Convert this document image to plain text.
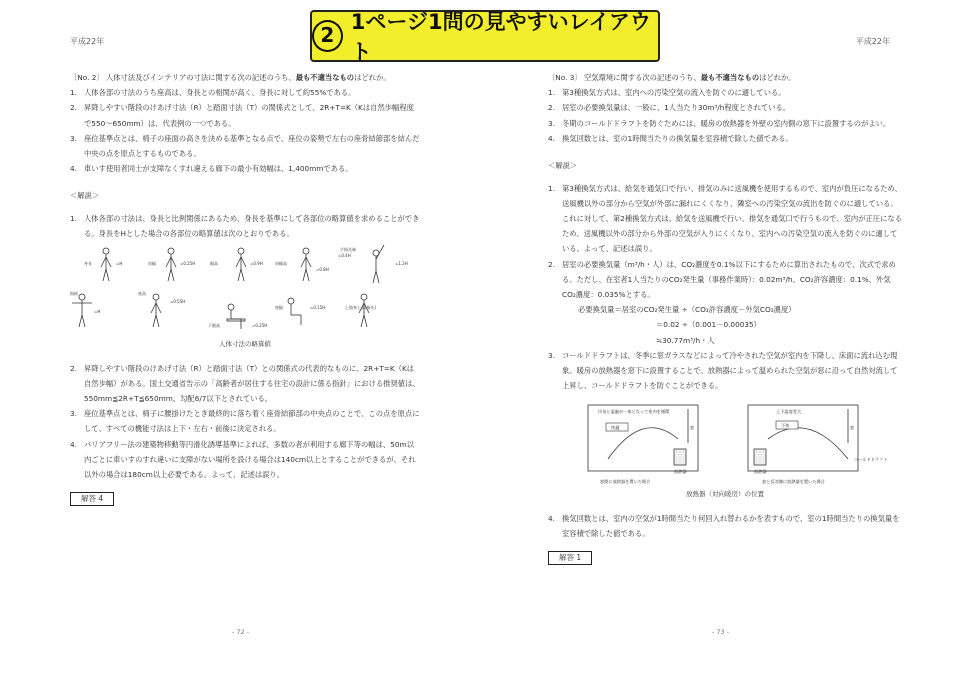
平成22年	平成22年
2
1ページ1問の見やすいレイアウト

〔No. 2〕 人体寸法及びインテリアの寸法に関する次の記述のうち、最も不適当なものはどれか。

1. 人体各部の寸法のうち座高は、身長との相関が高く、身長に対して約55%である。

2. 昇降しやすい階段のけあげ寸法（R）と踏面寸法（T）の関係式として、2R+T=K（Kは自然歩幅程度で550〜650mm）は、代表例の一つである。

3. 座位基準点とは、椅子の座面の高さを決める基準となる点で、座位の姿勢で左右の座骨結節部を結んだ中央の点を原点とするものである。

4. 車いす使用者同士が支障なくすれ違える廊下の最小有効幅は、1,400mmである。

＜解説＞

1. 人体各部の寸法は、身長と比例関係にあるため、身長を基準にして各部位の略算値を求めることができる。身長をHとした場合の各部位の略算値は次のとおりである。

身長	=H	肩幅	=0.25H	眼高	=0.9H	肩峰高
=0.8H
手指先端
=0.4H
=1.2H
指極
=H
座高
=0.55H
下腿高	=0.25H
座幅	=0.15H	上肢挙上高(指先)
人体寸法の略算値

2. 昇降しやすい階段のけあげ寸法（R）と踏面寸法（T）との関係式の代表的なものに、2R+T=K（Kは自然歩幅）がある。国土交通省告示の「高齢者が居住する住宅の設計に係る指針」における推奨値は、550mm≦2R+T≦650mm、勾配6/7以下とされている。

3. 座位基準点とは、椅子に腰掛けたとき最終的に落ち着く座骨結節部の中央点のことで、この点を原点にして、すべての機能寸法は上下・左右・前後に決定される。

4. バリアフリー法の建築物移動等円滑化誘導基準によれば、多数の者が利用する廊下等の幅は、50m以内ごとに車いすのすれ違いに支障がない場所を設ける場合は140cm以上とすることができるが、それ以外の場合は180cm以上必要である。よって、記述は誤り。

解答 4
- 72 -

〔No. 3〕 空気環境に関する次の記述のうち、最も不適当なものはどれか。

1. 第3種換気方式は、室内への汚染空気の流入を防ぐのに適している。

2. 居室の必要換気量は、一般に、1人当たり30m³/h程度とされている。

3. 冬期のコールドドラフトを防ぐためには、暖房の放熱器を外壁の室内側の窓下に設置するのがよい。

4. 換気回数とは、室の1時間当たりの換気量を室容積で除した値である。

＜解説＞

1. 第3種換気方式は、給気を通気口で行い、排気のみに送風機を使用するもので、室内が負圧になるため、送風機以外の部分から空気が外部に漏れにくくなり、隣室への汚染空気の流出を防ぐのに適している。これに対して、第2種換気方式は、給気を送風機で行い、排気を通気口で行うもので、室内が正圧になるため、送風機以外の部分から外部の空気が入りにくくなり、室内への汚染空気の流入を防ぐのに適している。よって、記述は誤り。

2. 居室の必要換気量（m³/h・人）は、CO₂濃度を0.1%以下にするために算出されたもので、次式で求める。ただし、在室者1人当たりのCO₂発生量（事務作業時）：0.02m³/h、CO₂許容濃度：0.1%、外気CO₂濃度：0.035%とする。

必要換気量＝居室のCO₂発生量 ÷（CO₂許容濃度－外気CO₂濃度）

＝0.02 ÷（0.001－0.00035）

≒30.77m³/h・人

3. コールドドラフトは、冬季に窓ガラスなどによって冷やされた空気が室内を下降し、床面に流れ込む現象。暖房の放熱器を窓下に設置することで、放熱器によって温められた空気が窓に沿って自然対流して上昇し、コールドドラフトを防ぐことができる。

冷気と温風が一体となって室内を循環
快適	窓
放熱器
上下温度差大
不快
放熱器
窓
コールドドラフト
窓際に放熱器を置いた場合	窓と反対側に放熱器を置いた場合
放熱器（対向暖房）の位置

4. 換気回数とは、室内の空気が1時間当たり何回入れ替わるかを表すもので、室の1時間当たりの換気量を室容積で除した値である。

解答 1
- 73 -
